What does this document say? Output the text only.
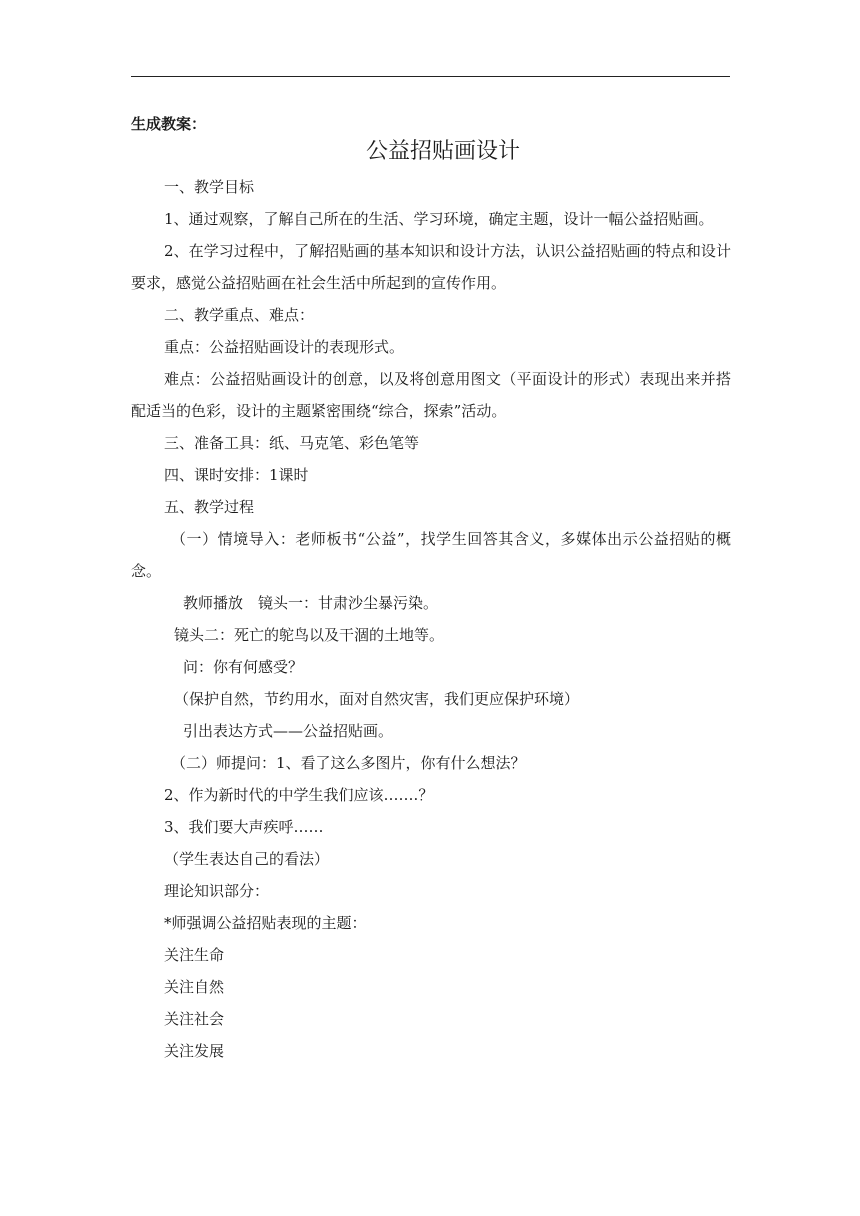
生成教案：
公益招贴画设计

一、教学目标

1、通过观察，了解自己所在的生活、学习环境，确定主题，设计一幅公益招贴画。

2、在学习过程中，了解招贴画的基本知识和设计方法，认识公益招贴画的特点和设计要求，感觉公益招贴画在社会生活中所起到的宣传作用。

二、教学重点、难点：

重点：公益招贴画设计的表现形式。

难点：公益招贴画设计的创意，以及将创意用图文（平面设计的形式）表现出来并搭配适当的色彩，设计的主题紧密围绕“综合，探索”活动。

三、准备工具：纸、马克笔、彩色笔等

四、课时安排：1课时

五、教学过程

（一）情境导入：老师板书“公益”，找学生回答其含义，多媒体出示公益招贴的概念。

教师播放　镜头一：甘肃沙尘暴污染。

镜头二：死亡的鸵鸟以及干涸的土地等。

问：你有何感受？

（保护自然，节约用水，面对自然灾害，我们更应保护环境）

引出表达方式——公益招贴画。

（二）师提问：1、看了这么多图片，你有什么想法？

2、作为新时代的中学生我们应该…….？

3、我们要大声疾呼……

（学生表达自己的看法）

理论知识部分：

*师强调公益招贴表现的主题：

关注生命

关注自然

关注社会

关注发展
